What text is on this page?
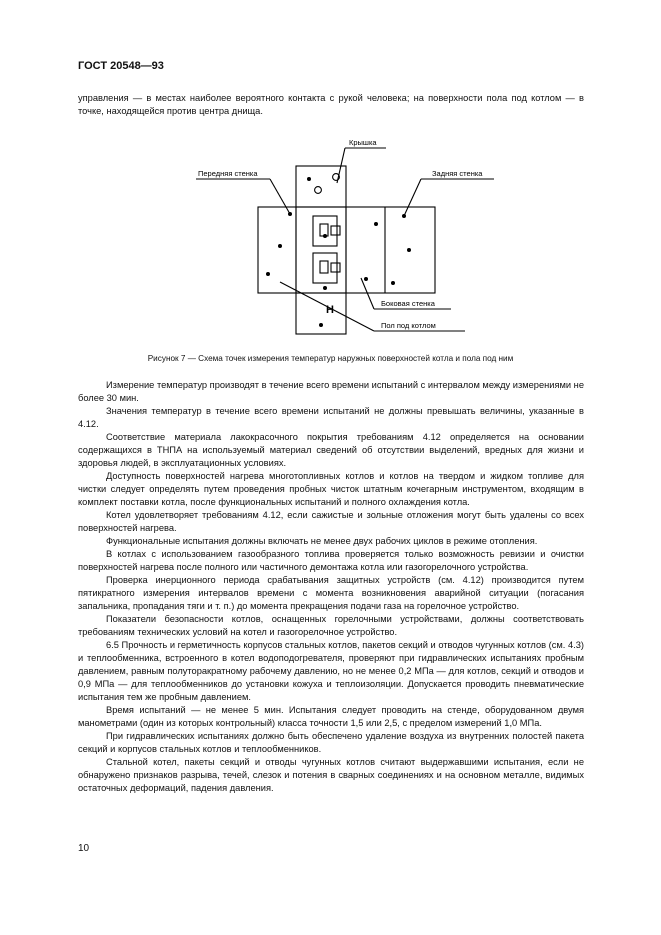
ГОСТ 20548—93
управления — в местах наиболее вероятного контакта с рукой человека; на поверхности пола под котлом — в точке, находящейся против центра днища.
Передняя стенка	Задняя стенка
Крышка
Боковая стенка
Пол под котлом
Н
Рисунок 7 — Схема точек измерения температур наружных поверхностей котла и пола под ним

Измерение температур производят в течение всего времени испытаний с интервалом между измерениями не более 30 мин.

Значения температур в течение всего времени испытаний не должны превышать величины, указанные в 4.12.

Соответствие материала лакокрасочного покрытия требованиям 4.12 определяется на основании содержащихся в ТНПА на используемый материал сведений об отсутствии выделений, вредных для жизни и здоровья людей, в эксплуатационных условиях.

Доступность поверхностей нагрева многотопливных котлов и котлов на твердом и жидком топливе для чистки следует определять путем проведения пробных чисток штатным кочегарным инструментом, входящим в комплект поставки котла, после функциональных испытаний и полного охлаждения котла.

Котел удовлетворяет требованиям 4.12, если сажистые и зольные отложения могут быть удалены со всех поверхностей нагрева.

Функциональные испытания должны включать не менее двух рабочих циклов в режиме отопления.

В котлах с использованием газообразного топлива проверяется только возможность ревизии и очистки поверхностей нагрева после полного или частичного демонтажа котла или газогорелочного устройства.

Проверка инерционного периода срабатывания защитных устройств (см. 4.12) производится путем пятикратного измерения интервалов времени с момента возникновения аварийной ситуации (погасания запальника, пропадания тяги и т. п.) до момента прекращения подачи газа на горелочное устройство.

Показатели безопасности котлов, оснащенных горелочными устройствами, должны соответствовать требованиям технических условий на котел и газогорелочное устройство.

6.5 Прочность и герметичность корпусов стальных котлов, пакетов секций и отводов чугунных котлов (см. 4.3) и теплообменника, встроенного в котел водоподогревателя, проверяют при гидравлических испытаниях пробным давлением, равным полуторакратному рабочему давлению, но не менее 0,2 МПа — для котлов, секций и отводов и 0,9 МПа — для теплообменников до установки кожуха и теплоизоляции. Допускается проводить пневматические испытания тем же пробным давлением.

Время испытаний — не менее 5 мин. Испытания следует проводить на стенде, оборудованном двумя манометрами (один из которых контрольный) класса точности 1,5 или 2,5, с пределом измерений 1,0 МПа.

При гидравлических испытаниях должно быть обеспечено удаление воздуха из внутренних полостей пакета секций и корпусов стальных котлов и теплообменников.

Стальной котел, пакеты секций и отводы чугунных котлов считают выдержавшими испытания, если не обнаружено признаков разрыва, течей, слезок и потения в сварных соединениях и на основном металле, видимых остаточных деформаций, падения давления.

10
